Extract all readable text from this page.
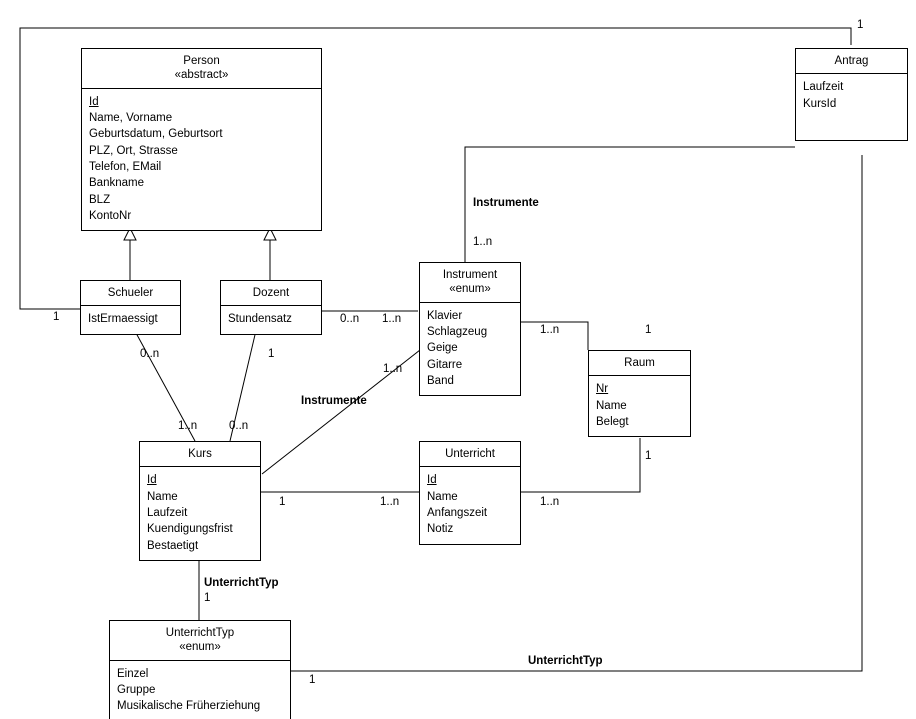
Person
«abstract»
Id
Name, Vorname
Geburtsdatum, Geburtsort
PLZ, Ort, Strasse
Telefon, EMail
Bankname
BLZ
KontoNr
Antrag
Laufzeit
KursId
Schueler
IstErmaessigt
Dozent
Stundensatz
Instrument
«enum»
Klavier
Schlagzeug
Geige
Gitarre
Band
Raum
Nr
Name
Belegt
Kurs
Id
Name
Laufzeit
Kuendigungsfrist
Bestaetigt
Unterricht
Id
Name
Anfangszeit
Notiz
UnterrichtTyp
«enum»
Einzel
Gruppe
Musikalische Früherziehung
Instrumente
Instrumente
UnterrichtTyp
UnterrichtTyp
1
1
1..n
0..n 1..n
1..n	1
0..n	1
1..n
1..n	0..n
1
1	1..n	1..n
1
1
